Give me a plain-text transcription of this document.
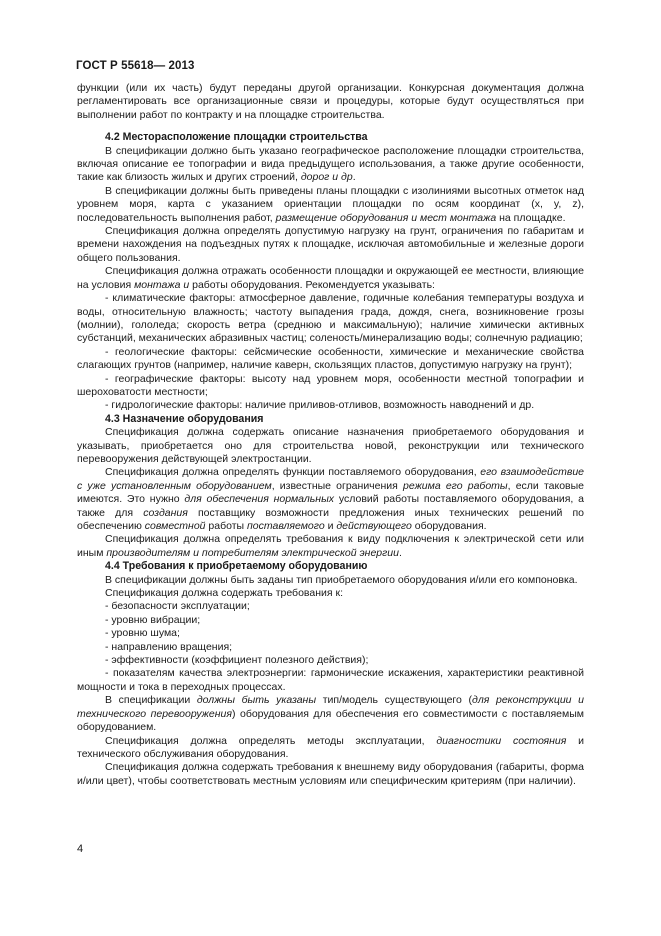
ГОСТ Р 55618— 2013

функции (или их часть) будут переданы другой организации. Конкурсная документация должна регламентировать все организационные связи и процедуры, которые будут осуществляться при выполнении работ по контракту и на площадке строительства.

4.2 Месторасположение площадки строительства

В спецификации должно быть указано географическое расположение площадки строительства, включая описание ее топографии и вида предыдущего использования, а также другие особенности, такие как близость жилых и других строений, дорог и др.

В спецификации должны быть приведены планы площадки с изолиниями высотных отметок над уровнем моря, карта с указанием ориентации площадки по осям координат (x, y, z), последовательность выполнения работ, размещение оборудования и мест монтажа на площадке.

Спецификация должна определять допустимую нагрузку на грунт, ограничения по габаритам и времени нахождения на подъездных путях к площадке, исключая автомобильные и железные дороги общего пользования.

Спецификация должна отражать особенности площадки и окружающей ее местности, влияющие на условия монтажа и работы оборудования. Рекомендуется указывать:

- климатические факторы: атмосферное давление, годичные колебания температуры воздуха и воды, относительную влажность; частоту выпадения града, дождя, снега, возникновение грозы (молнии), гололеда; скорость ветра (среднюю и максимальную); наличие химически активных субстанций, механических абразивных частиц; соленость/минерализацию воды; солнечную радиацию;

- геологические факторы: сейсмические особенности, химические и механические свойства слагающих грунтов (например, наличие каверн, скользящих пластов, допустимую нагрузку на грунт);

- географические факторы: высоту над уровнем моря, особенности местной топографии и шероховатости местности;

- гидрологические факторы: наличие приливов-отливов, возможность наводнений и др.

4.3 Назначение оборудования

Спецификация должна содержать описание назначения приобретаемого оборудования и указывать, приобретается оно для строительства новой, реконструкции или технического перевооружения действующей электростанции.

Спецификация должна определять функции поставляемого оборудования, его взаимодействие с уже установленным оборудованием, известные ограничения режима его работы, если таковые имеются. Это нужно для обеспечения нормальных условий работы поставляемого оборудования, а также для создания поставщику возможности предложения иных технических решений по обеспечению совместной работы поставляемого и действующего оборудования.

Спецификация должна определять требования к виду подключения к электрической сети или иным производителям и потребителям электрической энергии.

4.4 Требования к приобретаемому оборудованию

В спецификации должны быть заданы тип приобретаемого оборудования и/или его компоновка.

Спецификация должна содержать требования к:

- безопасности эксплуатации;

- уровню вибрации;

- уровню шума;

- направлению вращения;

- эффективности (коэффициент полезного действия);

- показателям качества электроэнергии: гармонические искажения, характеристики реактивной мощности и тока в переходных процессах.

В спецификации должны быть указаны тип/модель существующего (для реконструкции и технического перевооружения) оборудования для обеспечения его совместимости с поставляемым оборудованием.

Спецификация должна определять методы эксплуатации, диагностики состояния и технического обслуживания оборудования.

Спецификация должна содержать требования к внешнему виду оборудования (габариты, форма и/или цвет), чтобы соответствовать местным условиям или специфическим критериям (при наличии).

4
